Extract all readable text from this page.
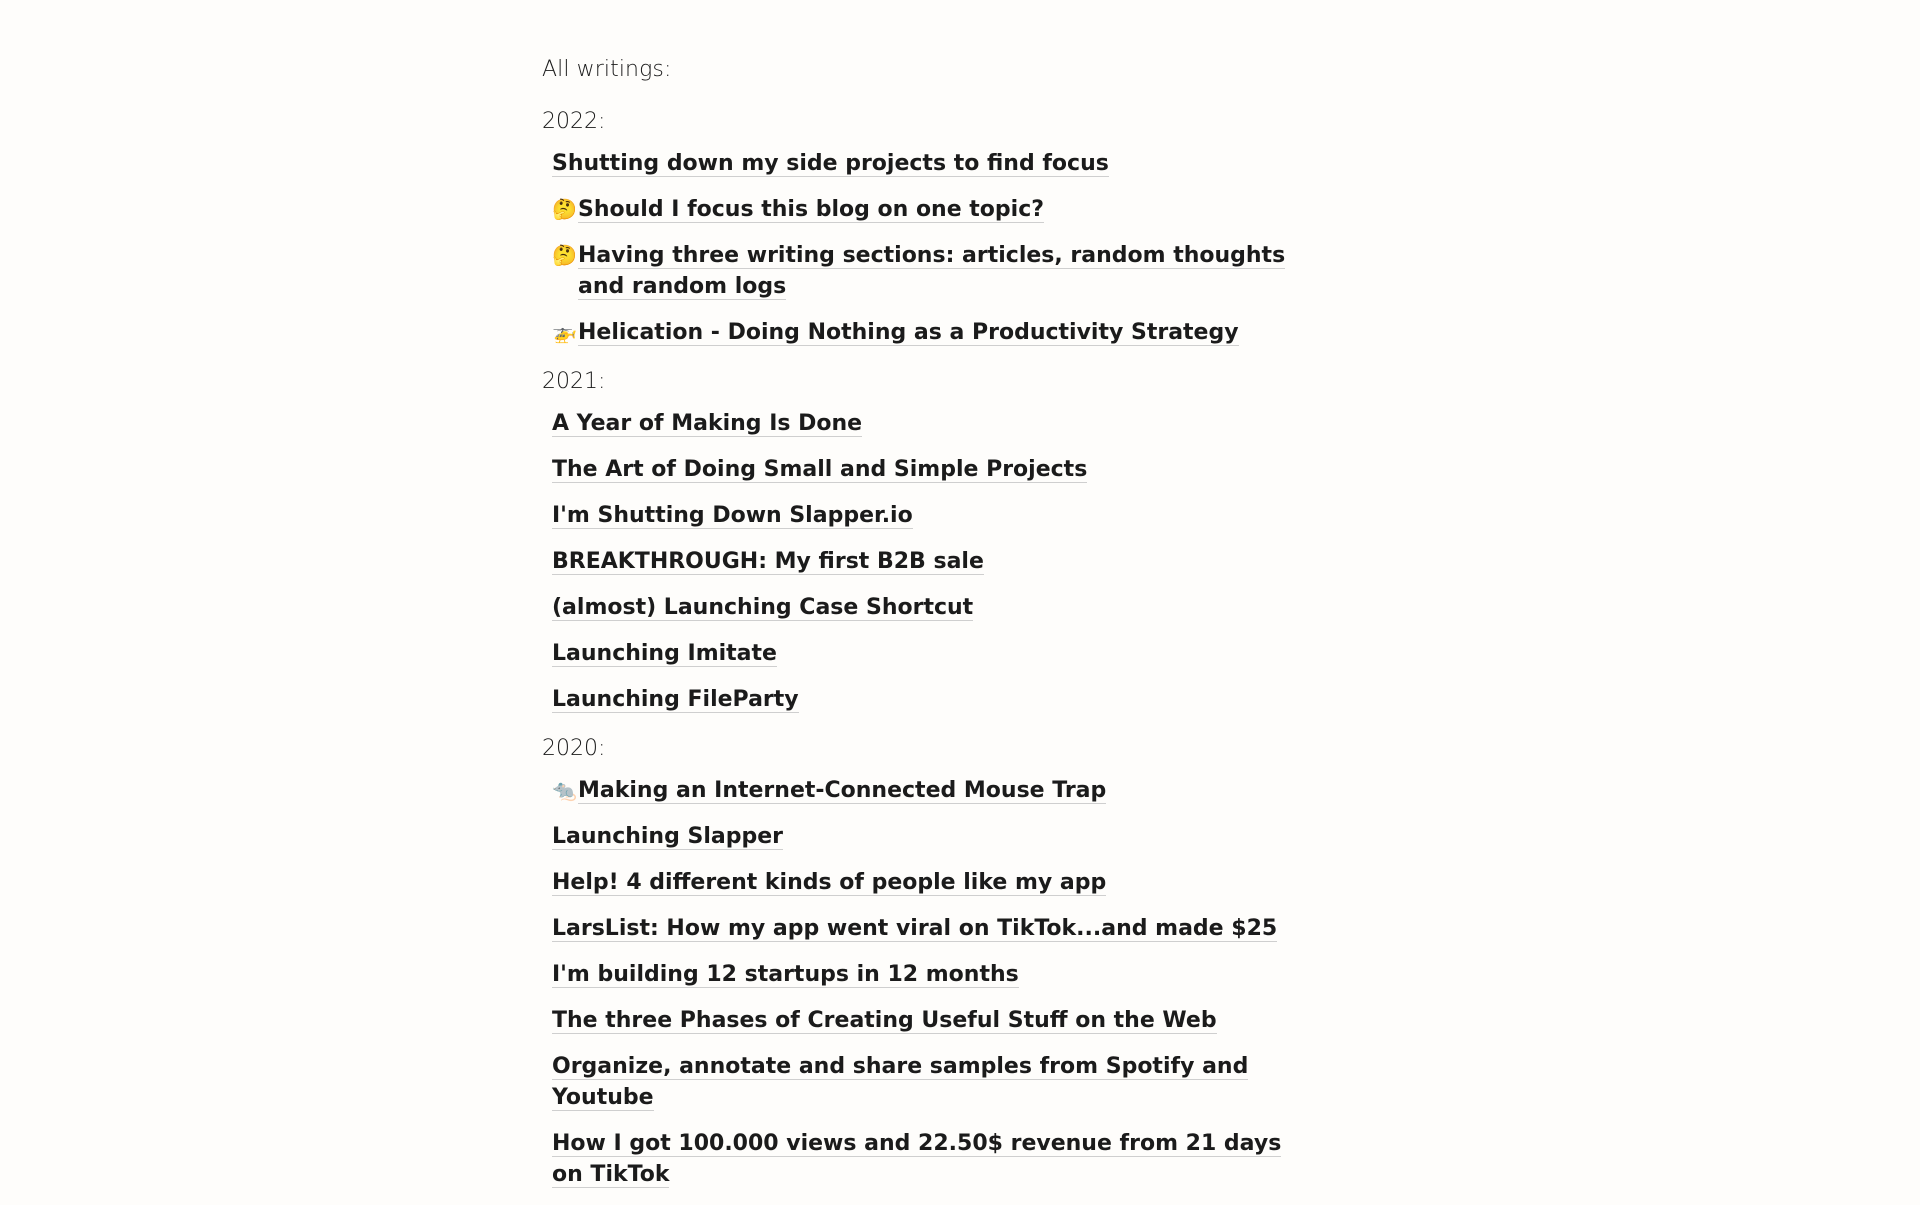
All writings:
2022:
Shutting down my side projects to find focus
🤔 Should I focus this blog on one topic?
🤔 Having three writing sections: articles, random thoughts and random logs
🚁 Helication - Doing Nothing as a Productivity Strategy
2021:
A Year of Making Is Done
The Art of Doing Small and Simple Projects
I'm Shutting Down Slapper.io
BREAKTHROUGH: My first B2B sale
(almost) Launching Case Shortcut
Launching Imitate
Launching FileParty
2020:
🐀 Making an Internet-Connected Mouse Trap
Launching Slapper
Help! 4 different kinds of people like my app
LarsList: How my app went viral on TikTok...and made $25
I'm building 12 startups in 12 months
The three Phases of Creating Useful Stuff on the Web
Organize, annotate and share samples from Spotify and Youtube
How I got 100.000 views and 22.50$ revenue from 21 days on TikTok
